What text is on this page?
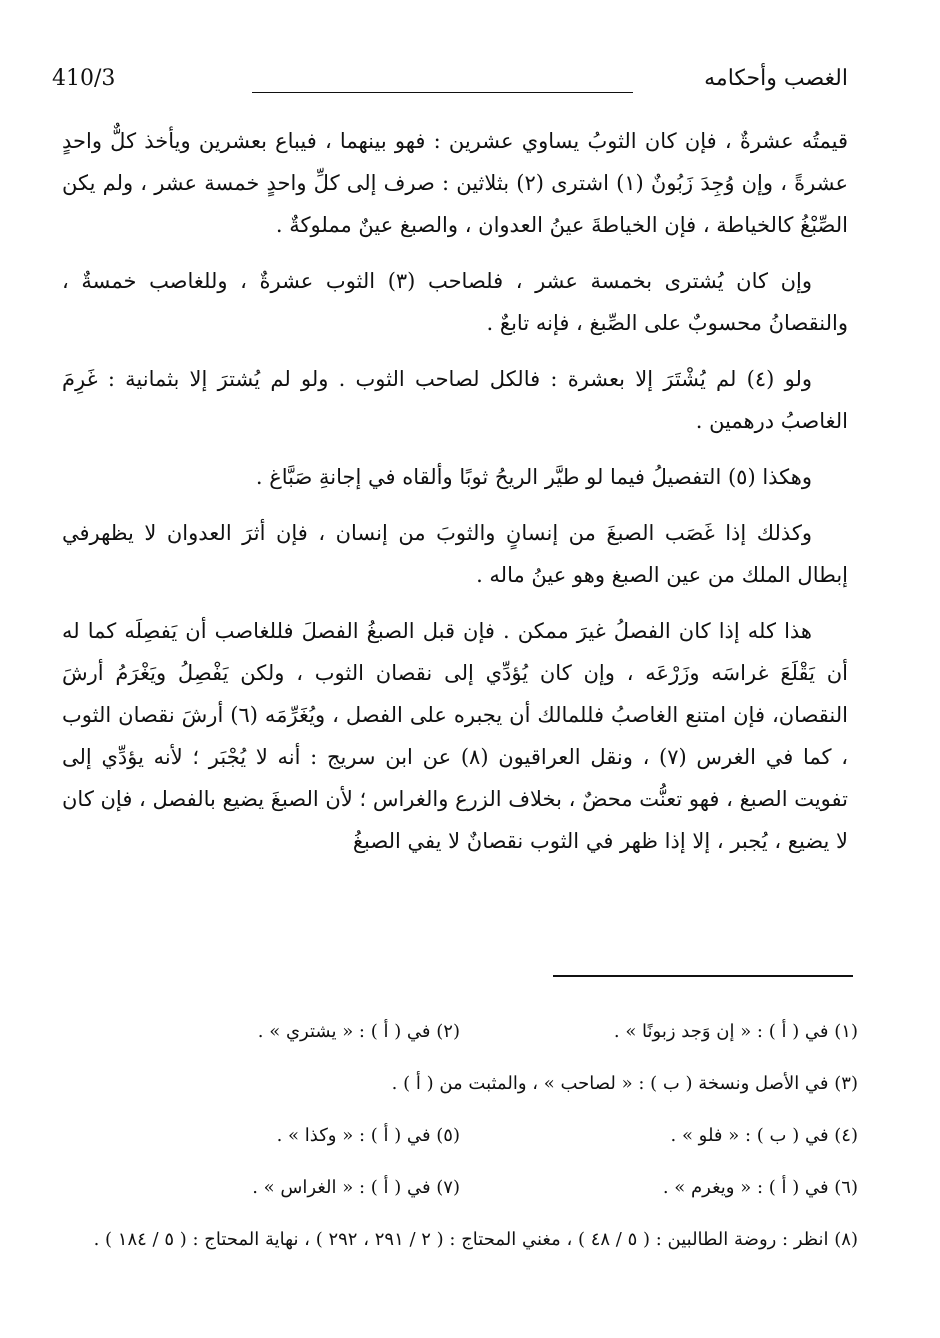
410/3	الغصب وأحكامه

قيمتُه عشرةٌ ، فإن كان الثوبُ يساوي عشرين : فهو بينهما ، فيباع بعشرين ويأخذ كلٌّ واحدٍ عشرةً ، وإن وُجِدَ زَبُونٌ (١) اشترى (٢) بثلاثين : صرف إلى كلِّ واحدٍ خمسة عشر ، ولم يكن الصِّبْغُ كالخياطة ، فإن الخياطةَ عينُ العدوان ، والصبغ عينٌ مملوكةٌ .

وإن كان يُشترى بخمسة عشر ، فلصاحب (٣) الثوب عشرةٌ ، وللغاصب خمسةٌ ، والنقصانُ محسوبٌ على الصِّبغ ، فإنه تابعٌ .

ولو (٤) لم يُشْتَرَ إلا بعشرة : فالكل لصاحب الثوب . ولو لم يُشترَ إلا بثمانية : غَرِمَ الغاصبُ درهمين .

وهكذا (٥) التفصيلُ فيما لو طيَّر الريحُ ثوبًا وألقاه في إجانةِ صَبَّاغ .

وكذلك إذا غَصَب الصبغَ من إنسانٍ والثوبَ من إنسان ، فإن أثرَ العدوان لا يظهرفي إبطال الملك من عين الصبغ وهو عينُ ماله .

هذا كله إذا كان الفصلُ غيرَ ممكن . فإن قبل الصبغُ الفصلَ فللغاصب أن يَفصِلَه كما له أن يَقْلَعَ غراسَه وزَرْعَه ، وإن كان يُؤدِّي إلى نقصان الثوب ، ولكن يَفْصِلُ ويَغْرَمُ أرشَ النقصان، فإن امتنع الغاصبُ فللمالك أن يجبره على الفصل ، ويُغَرِّمَه (٦) أرشَ نقصان الثوب ، كما في الغرس (٧) ، ونقل العراقيون (٨) عن ابن سريج : أنه لا يُجْبَر ؛ لأنه يؤدِّي إلى تفويت الصبغ ، فهو تعنُّت محضٌ ، بخلاف الزرع والغراس ؛ لأن الصبغَ يضيع بالفصل ، فإن كان لا يضيع ، يُجبر ، إلا إذا ظهر في الثوب نقصانٌ لا يفي الصبغُ

(١) في ( أ ) : « إن وَجد زبونًا » .
(٢) في ( أ ) : « يشتري » .
(٣) في الأصل ونسخة ( ب ) : « لصاحب » ، والمثبت من ( أ ) .
(٤) في ( ب ) : « فلو » .
(٥) في ( أ ) : « وكذا » .
(٦) في ( أ ) : « ويغرم » .
(٧) في ( أ ) : « الغراس » .
(٨) انظر : روضة الطالبين : ( ٥ / ٤٨ ) ، مغني المحتاج : ( ٢ / ٢٩١ ، ٢٩٢ ) ، نهاية المحتاج : ( ٥ / ١٨٤ ) .
